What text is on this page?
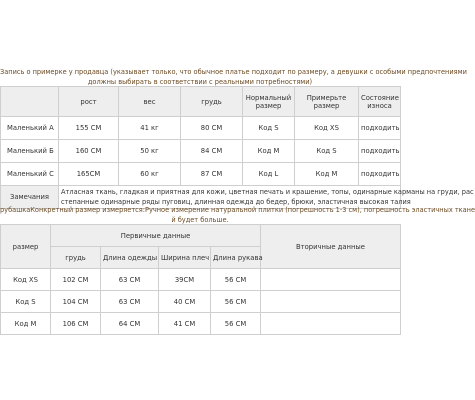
Запись о примерке у продавца (указывает только, что обычное платье подходит по размеру, а девушки с особыми предпочтениями
должны выбирать в соответствии с реальными потребностями)
	рост	вес	грудь	Нормальный размер	Примерьте размер	Состояние износа
Маленький А	155 CM	41 кг	80 CM	Код S	Код XS	подходить
Маленький Б	160 CM	50 кг	84 CM	Код M	Код S	подходить
Маленький С	165CM	60 кг	87 CM	Код L	Код M	подходить
Замечания	Атласная ткань, гладкая и приятная для кожи, цветная печать и крашение, топы, одинарные карманы на груди, рас
степанные одинарные ряды пуговиц, длинная одежда до бедер, брюки, эластичная высокая талия					
рубашкаКонкретный размер измеряется:Ручное измерение натуральной плитки (погрешность 1-3 см), погрешность эластичных ткане
й будет больше.
размер	Первичные данные				Вторичные данные
	грудь	Длина одежды	Ширина плеч	Длина рукава	
Код XS	102 CM	63 CM	39CM	56 CM	
Код S	104 CM	63 CM	40 CM	56 CM	
Код M	106 CM	64 CM	41 CM	56 CM	
